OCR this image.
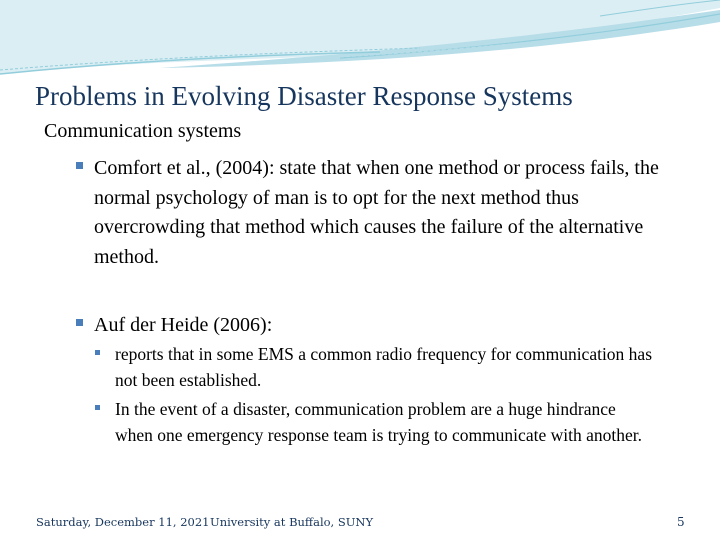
Problems in Evolving Disaster Response Systems
Communication systems
Comfort et al., (2004): state that when one method or process fails, the normal psychology of man is to opt for the next method thus overcrowding that method which causes the failure of the alternative method.
Auf der Heide (2006):
reports that in some EMS a common radio frequency for communication has not been established.
In the event of a disaster, communication problem are a huge hindrance when one emergency response team is trying to communicate with another.
Saturday, December 11, 2021 University at Buffalo, SUNY	5
